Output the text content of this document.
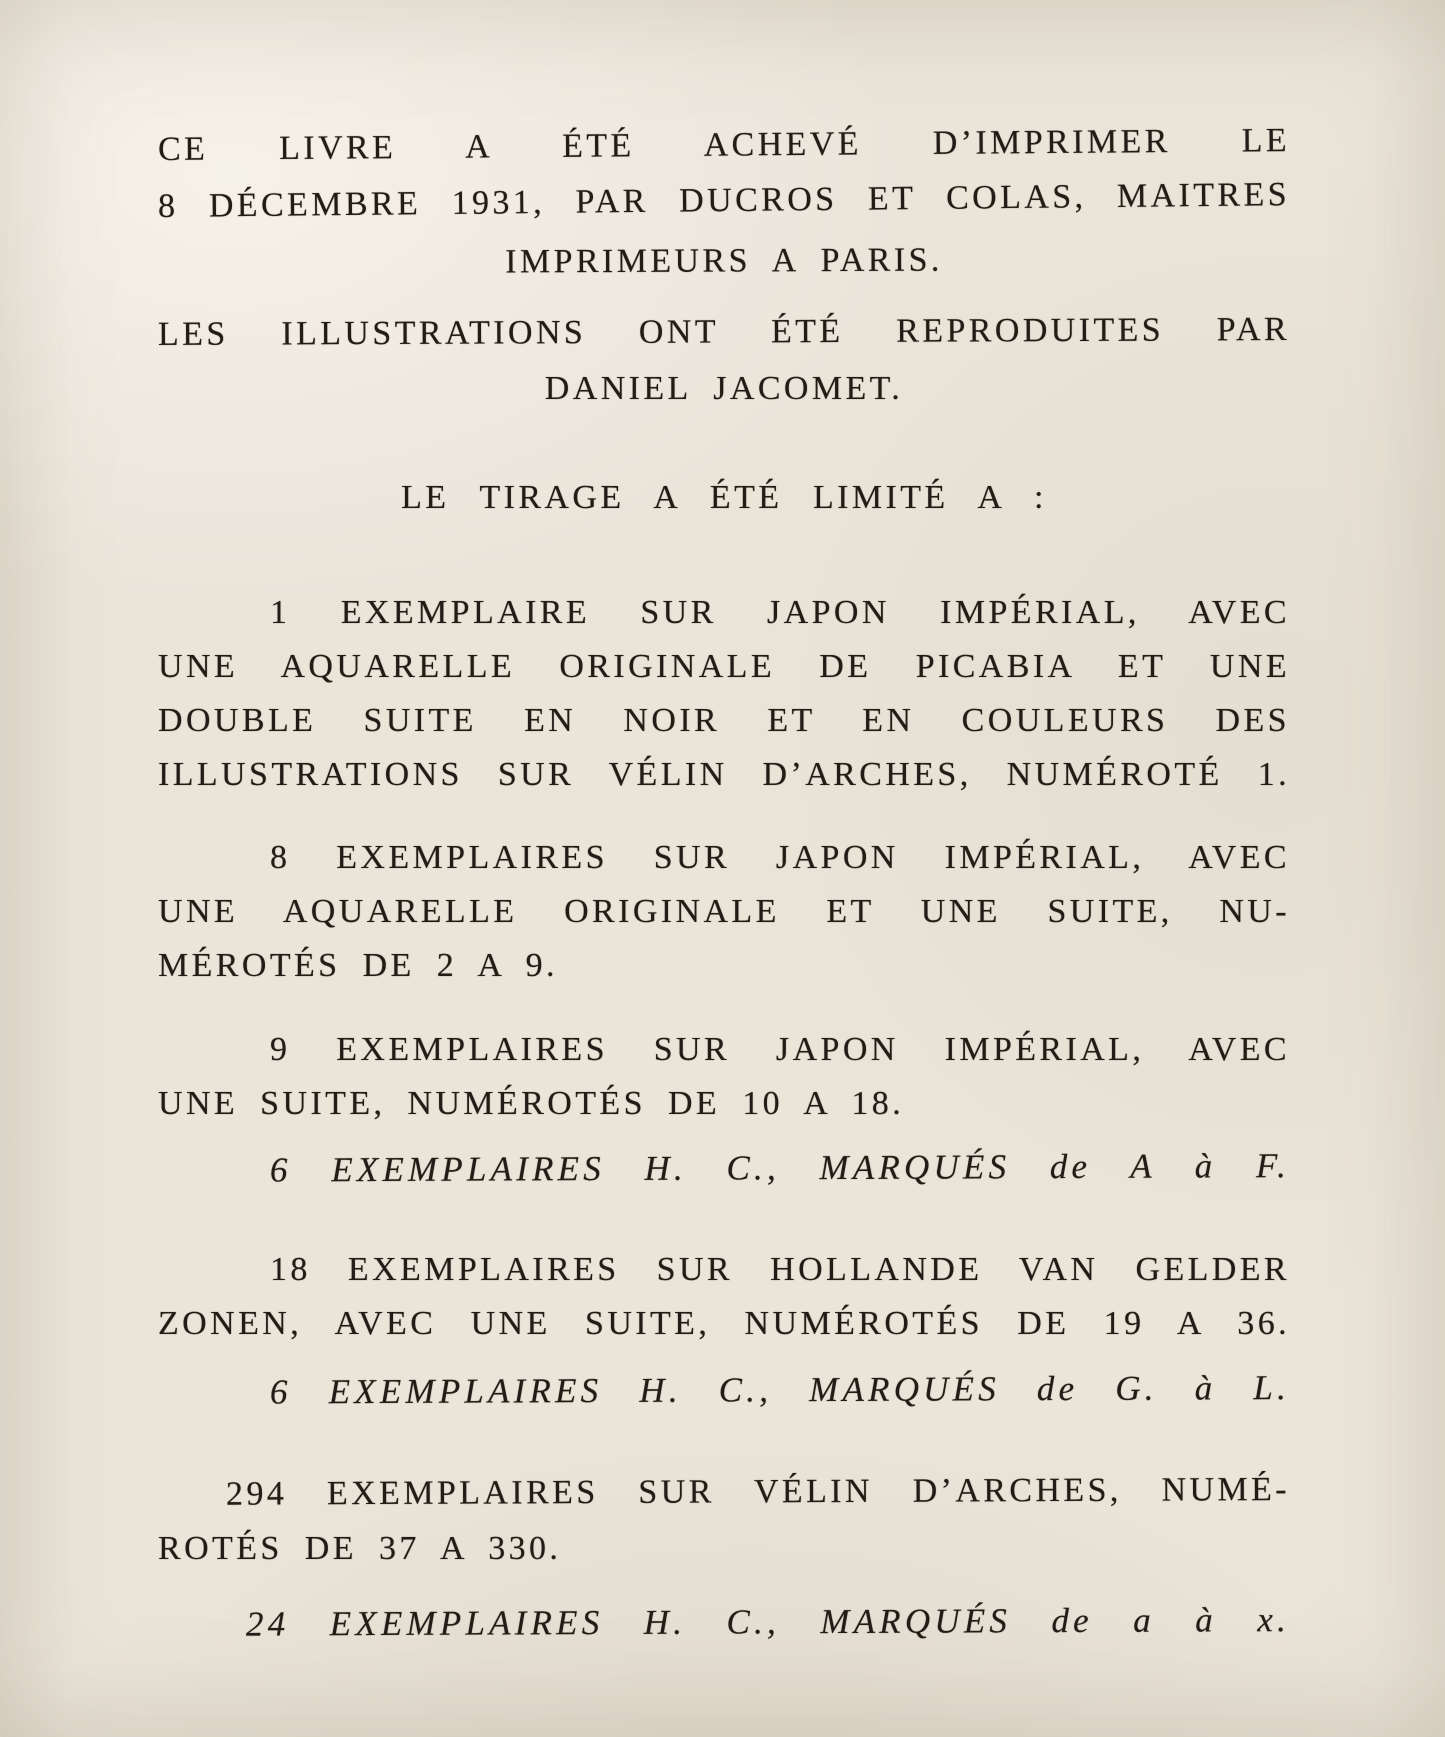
CE LIVRE A ÉTÉ ACHEVÉ D’IMPRIMER LE
8 DÉCEMBRE 1931, PAR DUCROS ET COLAS, MAITRES
IMPRIMEURS A PARIS.
LES ILLUSTRATIONS ONT ÉTÉ REPRODUITES PAR
DANIEL JACOMET.
LE TIRAGE A ÉTÉ LIMITÉ A :
1 EXEMPLAIRE SUR JAPON IMPÉRIAL, AVEC
UNE AQUARELLE ORIGINALE DE PICABIA ET UNE
DOUBLE SUITE EN NOIR ET EN COULEURS DES
ILLUSTRATIONS SUR VÉLIN D’ARCHES, NUMÉROTÉ 1.
8 EXEMPLAIRES SUR JAPON IMPÉRIAL, AVEC
UNE AQUARELLE ORIGINALE ET UNE SUITE, NU-
MÉROTÉS DE 2 A 9.
9 EXEMPLAIRES SUR JAPON IMPÉRIAL, AVEC
UNE SUITE, NUMÉROTÉS DE 10 A 18.
6 EXEMPLAIRES H. C., MARQUÉS de A à F.
18 EXEMPLAIRES SUR HOLLANDE VAN GELDER
ZONEN, AVEC UNE SUITE, NUMÉROTÉS DE 19 A 36.
6 EXEMPLAIRES H. C., MARQUÉS de G. à L.
294 EXEMPLAIRES SUR VÉLIN D’ARCHES, NUMÉ-
ROTÉS DE 37 A 330.
24 EXEMPLAIRES H. C., MARQUÉS de a à x.
